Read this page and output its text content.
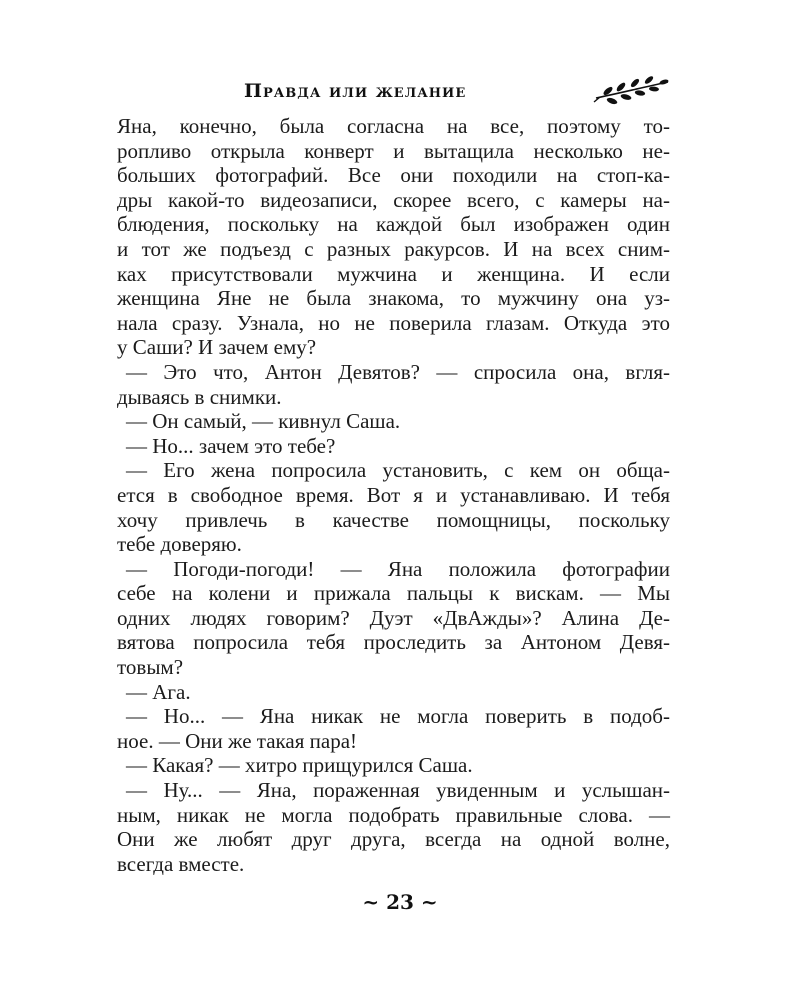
Правда или желание
Яна, конечно, была согласна на все, поэтому то-
ропливо открыла конверт и вытащила несколько не-
больших фотографий. Все они походили на стоп-ка-
дры какой-то видеозаписи, скорее всего, с камеры на-
блюдения, поскольку на каждой был изображен один
и тот же подъезд с разных ракурсов. И на всех сним-
ках присутствовали мужчина и женщина. И если
женщина Яне не была знакома, то мужчину она уз-
нала сразу. Узнала, но не поверила глазам. Откуда это
у Саши? И зачем ему?
— Это что, Антон Девятов? — спросила она, вгля-
дываясь в снимки.
— Он самый, — кивнул Саша.
— Но... зачем это тебе?
— Его жена попросила установить, с кем он обща-
ется в свободное время. Вот я и устанавливаю. И тебя
хочу привлечь в качестве помощницы, поскольку
тебе доверяю.
— Погоди-погоди! — Яна положила фотографии
себе на колени и прижала пальцы к вискам. — Мы
одних людях говорим? Дуэт «ДвАжды»? Алина Де-
вятова попросила тебя проследить за Антоном Девя-
товым?
— Ага.
— Но... — Яна никак не могла поверить в подоб-
ное. — Они же такая пара!
— Какая? — хитро прищурился Саша.
— Ну... — Яна, пораженная увиденным и услышан-
ным, никак не могла подобрать правильные слова. —
Они же любят друг друга, всегда на одной волне,
всегда вместе.
~ 23 ~
